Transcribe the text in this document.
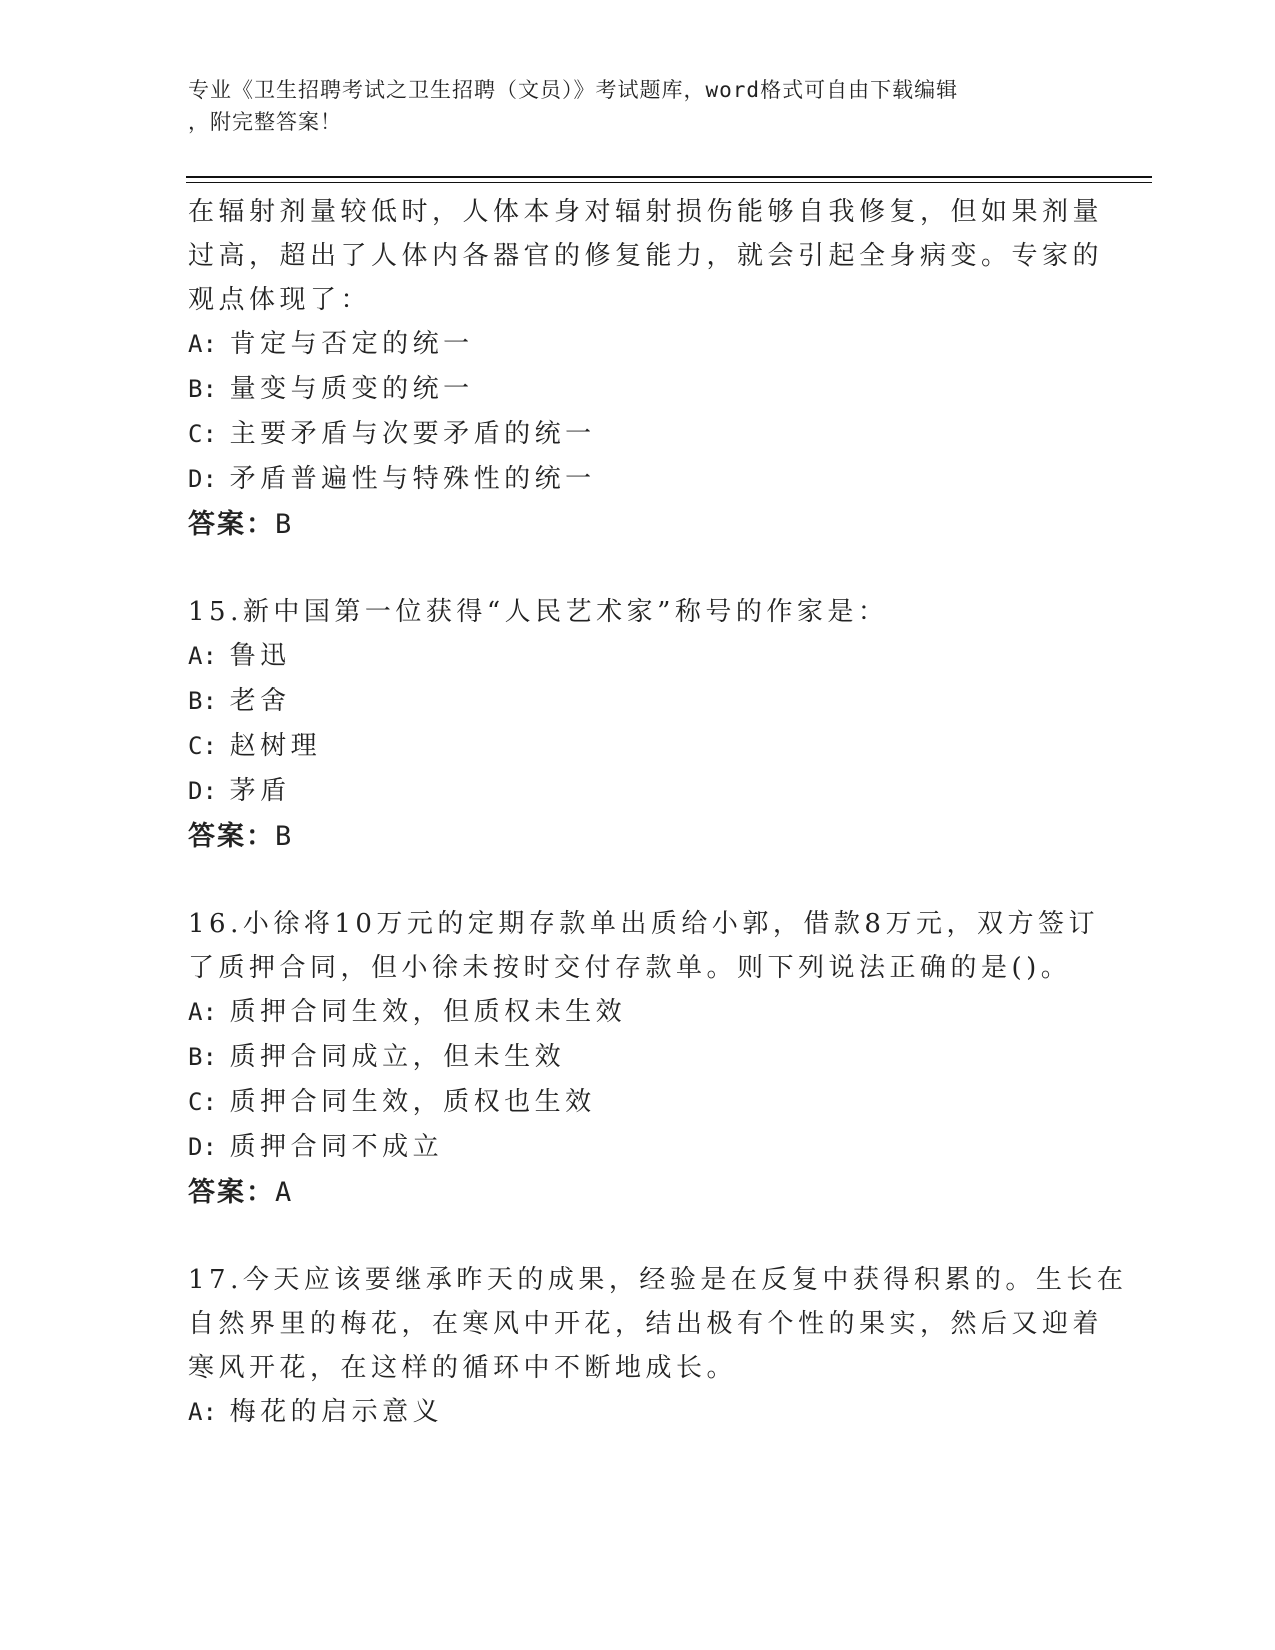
专业《卫生招聘考试之卫生招聘（文员）》考试题库，word格式可自由下载编辑
，附完整答案！
在辐射剂量较低时，人体本身对辐射损伤能够自我修复，但如果剂量
过高，超出了人体内各器官的修复能力，就会引起全身病变。专家的
观点体现了：
A: 肯定与否定的统一
B: 量变与质变的统一
C: 主要矛盾与次要矛盾的统一
D: 矛盾普遍性与特殊性的统一
答案：B
15.新中国第一位获得“人民艺术家”称号的作家是：
A: 鲁迅
B: 老舍
C: 赵树理
D: 茅盾
答案：B
16.小徐将10万元的定期存款单出质给小郭，借款8万元，双方签订
了质押合同，但小徐未按时交付存款单。则下列说法正确的是()。
A: 质押合同生效，但质权未生效
B: 质押合同成立，但未生效
C: 质押合同生效，质权也生效
D: 质押合同不成立
答案：A
17.今天应该要继承昨天的成果，经验是在反复中获得积累的。生长在
自然界里的梅花，在寒风中开花，结出极有个性的果实，然后又迎着
寒风开花，在这样的循环中不断地成长。
A: 梅花的启示意义
